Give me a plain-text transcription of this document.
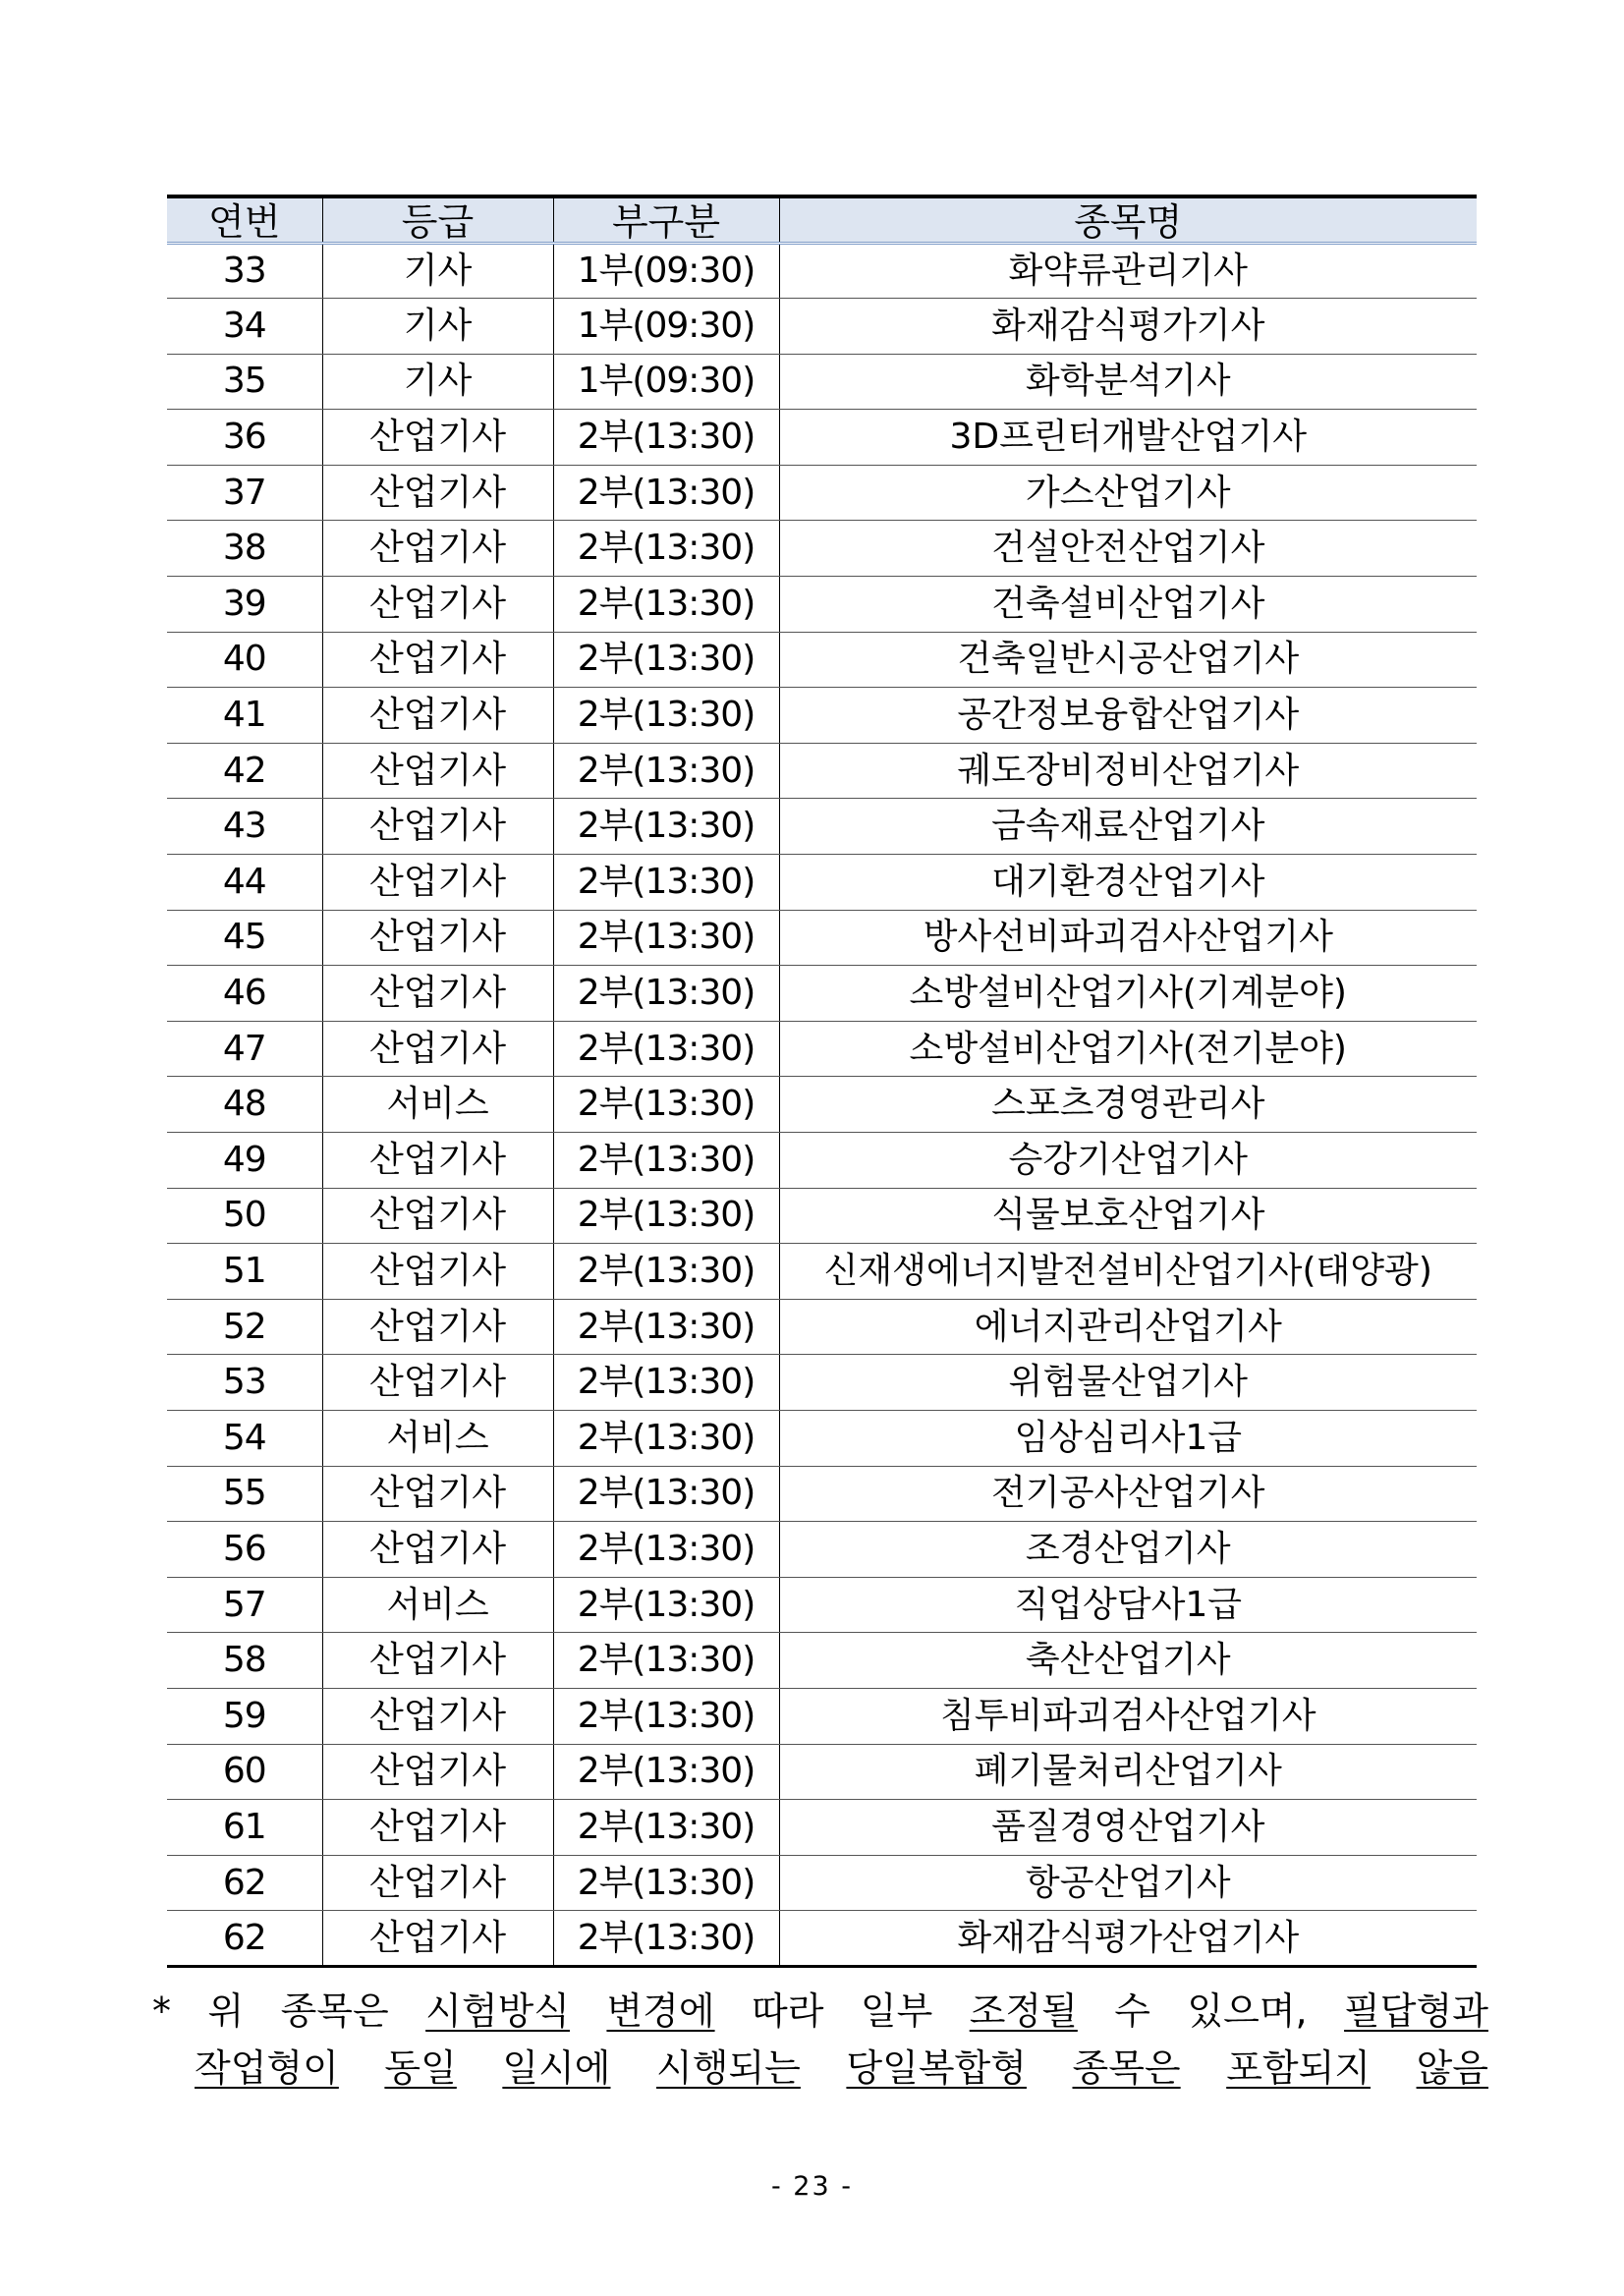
연번	등급	부구분	종목명
33	기사	1부(09:30)	화약류관리기사
34	기사	1부(09:30)	화재감식평가기사
35	기사	1부(09:30)	화학분석기사
36	산업기사	2부(13:30)	3D프린터개발산업기사
37	산업기사	2부(13:30)	가스산업기사
38	산업기사	2부(13:30)	건설안전산업기사
39	산업기사	2부(13:30)	건축설비산업기사
40	산업기사	2부(13:30)	건축일반시공산업기사
41	산업기사	2부(13:30)	공간정보융합산업기사
42	산업기사	2부(13:30)	궤도장비정비산업기사
43	산업기사	2부(13:30)	금속재료산업기사
44	산업기사	2부(13:30)	대기환경산업기사
45	산업기사	2부(13:30)	방사선비파괴검사산업기사
46	산업기사	2부(13:30)	소방설비산업기사(기계분야)
47	산업기사	2부(13:30)	소방설비산업기사(전기분야)
48	서비스	2부(13:30)	스포츠경영관리사
49	산업기사	2부(13:30)	승강기산업기사
50	산업기사	2부(13:30)	식물보호산업기사
51	산업기사	2부(13:30)	신재생에너지발전설비산업기사(태양광)
52	산업기사	2부(13:30)	에너지관리산업기사
53	산업기사	2부(13:30)	위험물산업기사
54	서비스	2부(13:30)	임상심리사1급
55	산업기사	2부(13:30)	전기공사산업기사
56	산업기사	2부(13:30)	조경산업기사
57	서비스	2부(13:30)	직업상담사1급
58	산업기사	2부(13:30)	축산산업기사
59	산업기사	2부(13:30)	침투비파괴검사산업기사
60	산업기사	2부(13:30)	폐기물처리산업기사
61	산업기사	2부(13:30)	품질경영산업기사
62	산업기사	2부(13:30)	항공산업기사
62	산업기사	2부(13:30)	화재감식평가산업기사
* 위 종목은 시험방식 변경에 따라 일부 조정될 수 있으며, 필답형과
작업형이 동일 일시에 시행되는 당일복합형 종목은 포함되지 않음
- 23 -
